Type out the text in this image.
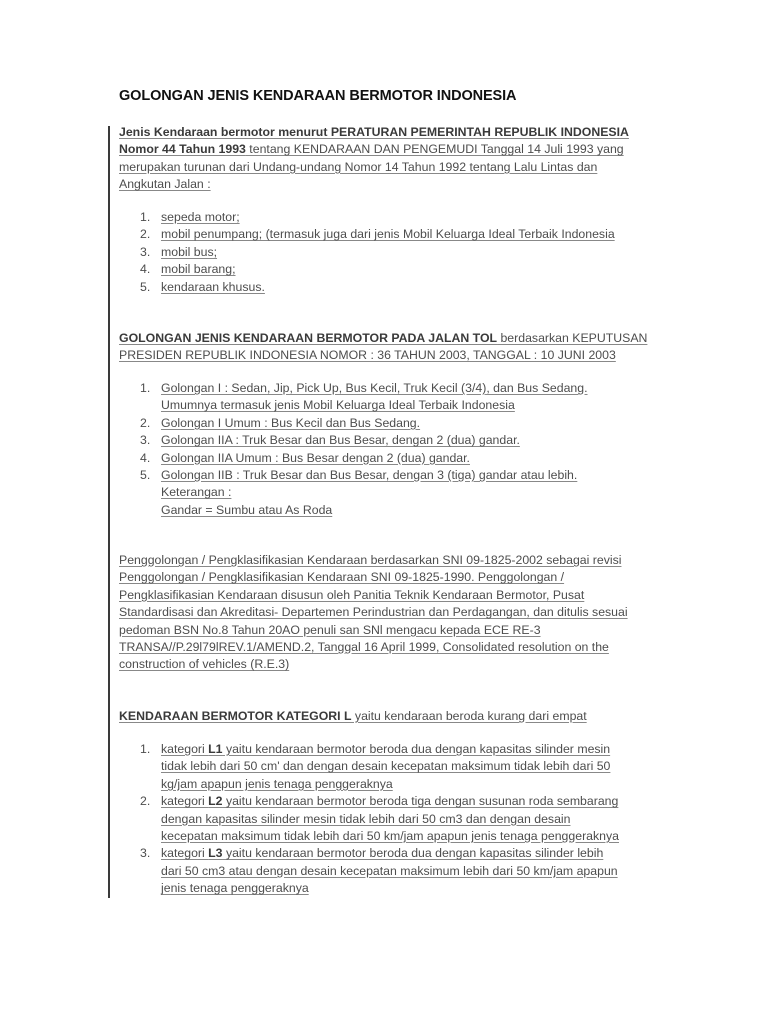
GOLONGAN JENIS KENDARAAN BERMOTOR INDONESIA
Jenis Kendaraan bermotor menurut PERATURAN PEMERINTAH REPUBLIK INDONESIA
Nomor 44 Tahun 1993 tentang KENDARAAN DAN PENGEMUDI Tanggal 14 Juli 1993 yang
merupakan turunan dari Undang-undang Nomor 14 Tahun 1992 tentang Lalu Lintas dan
Angkutan Jalan :
1. sepeda motor;
2. mobil penumpang; (termasuk juga dari jenis Mobil Keluarga Ideal Terbaik Indonesia
3. mobil bus;
4. mobil barang;
5. kendaraan khusus.
GOLONGAN JENIS KENDARAAN BERMOTOR PADA JALAN TOL berdasarkan KEPUTUSAN
PRESIDEN REPUBLIK INDONESIA NOMOR : 36 TAHUN 2003, TANGGAL : 10 JUNI 2003
1. Golongan I : Sedan, Jip, Pick Up, Bus Kecil, Truk Kecil (3/4), dan Bus Sedang.
Umumnya termasuk jenis Mobil Keluarga Ideal Terbaik Indonesia
2. Golongan I Umum : Bus Kecil dan Bus Sedang.
3. Golongan IIA : Truk Besar dan Bus Besar, dengan 2 (dua) gandar.
4. Golongan IIA Umum : Bus Besar dengan 2 (dua) gandar.
5. Golongan IIB : Truk Besar dan Bus Besar, dengan 3 (tiga) gandar atau lebih.
Keterangan :
Gandar = Sumbu atau As Roda
Penggolongan / Pengklasifikasian Kendaraan berdasarkan SNI 09-1825-2002 sebagai revisi
Penggolongan / Pengklasifikasian Kendaraan SNI 09-1825-1990. Penggolongan /
Pengklasifikasian Kendaraan disusun oleh Panitia Teknik Kendaraan Bermotor, Pusat
Standardisasi dan Akreditasi- Departemen Perindustrian dan Perdagangan, dan ditulis sesuai
pedoman BSN No.8 Tahun 20AO penuli san SNl mengacu kepada ECE RE-3
TRANSA//P.29l79lREV.1/AMEND.2, Tanggal 16 April 1999, Consolidated resolution on the
construction of vehicles (R.E.3)
KENDARAAN BERMOTOR KATEGORI L yaitu kendaraan beroda kurang dari empat
1. kategori L1 yaitu kendaraan bermotor beroda dua dengan kapasitas silinder mesin
tidak lebih dari 50 cm' dan dengan desain kecepatan maksimum tidak lebih dari 50
kg/jam apapun jenis tenaga penggeraknya
2. kategori L2 yaitu kendaraan bermotor beroda tiga dengan susunan roda sembarang
dengan kapasitas silinder mesin tidak lebih dari 50 cm3 dan dengan desain
kecepatan maksimum tidak lebih dari 50 km/jam apapun jenis tenaga penggeraknya
3. kategori L3 yaitu kendaraan bermotor beroda dua dengan kapasitas silinder lebih
dari 50 cm3 atau dengan desain kecepatan maksimum lebih dari 50 km/jam apapun
jenis tenaga penggeraknya
